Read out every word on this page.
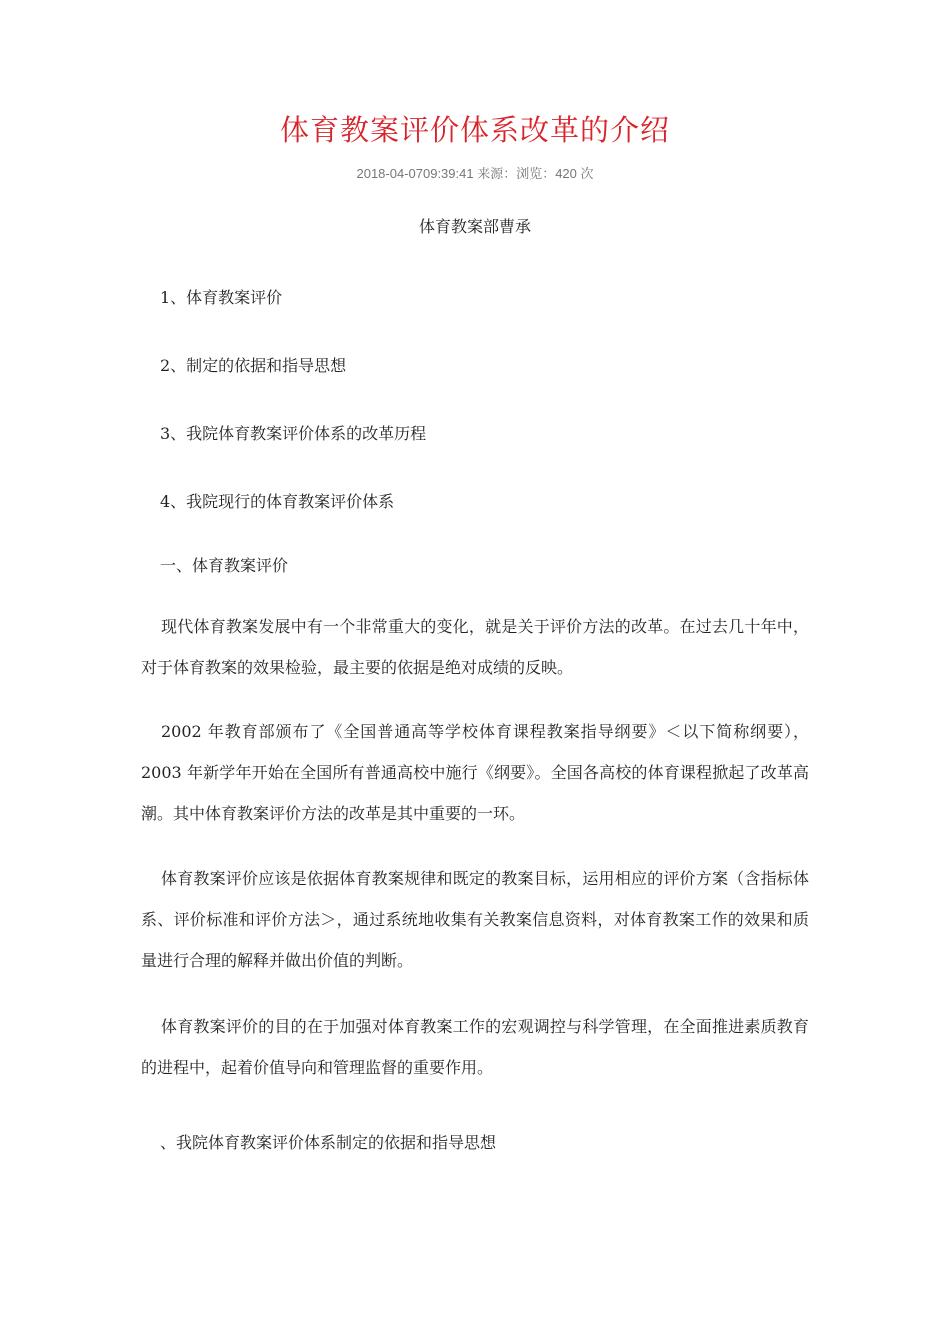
体育教案评价体系改革的介绍
2018-04-0709:39:41 来源：浏览：420 次
体育教案部曹承
1、体育教案评价
2、制定的依据和指导思想
3、我院体育教案评价体系的改革历程
4、我院现行的体育教案评价体系
一、体育教案评价

现代体育教案发展中有一个非常重大的变化，就是关于评价方法的改革。在过去几十年中，对于体育教案的效果检验，最主要的依据是绝对成绩的反映。

2002 年教育部颁布了《全国普通高等学校体育课程教案指导纲要》＜以下简称纲要），2003 年新学年开始在全国所有普通高校中施行《纲要》。全国各高校的体育课程掀起了改革高潮。其中体育教案评价方法的改革是其中重要的一环。

体育教案评价应该是依据体育教案规律和既定的教案目标，运用相应的评价方案（含指标体系、评价标准和评价方法＞，通过系统地收集有关教案信息资料，对体育教案工作的效果和质量进行合理的解释并做出价值的判断。

体育教案评价的目的在于加强对体育教案工作的宏观调控与科学管理，在全面推进素质教育的进程中，起着价值导向和管理监督的重要作用。

、我院体育教案评价体系制定的依据和指导思想
